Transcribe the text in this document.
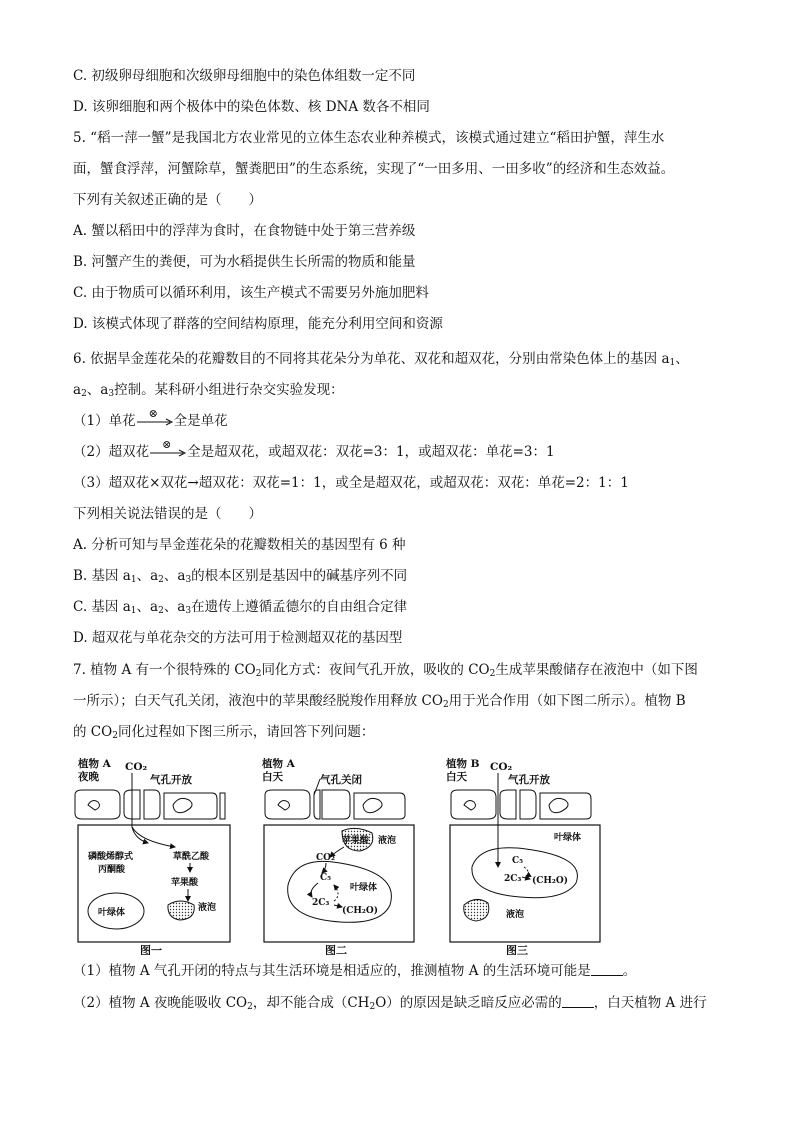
C. 初级卵母细胞和次级卵母细胞中的染色体组数一定不同
D. 该卵细胞和两个极体中的染色体数、核 DNA 数各不相同
5. “稻一萍一蟹”是我国北方农业常见的立体生态农业种养模式，该模式通过建立“稻田护蟹，萍生水
面，蟹食浮萍，河蟹除草，蟹粪肥田”的生态系统，实现了“一田多用、一田多收”的经济和生态效益。
下列有关叙述正确的是（　　）
A. 蟹以稻田中的浮萍为食时，在食物链中处于第三营养级
B. 河蟹产生的粪便，可为水稻提供生长所需的物质和能量
C. 由于物质可以循环利用，该生产模式不需要另外施加肥料
D. 该模式体现了群落的空间结构原理，能充分利用空间和资源
6. 依据旱金莲花朵的花瓣数目的不同将其花朵分为单花、双花和超双花，分别由常染色体上的基因 $a_1$、
$a_2$、$a_3$控制。某科研小组进行杂交实验发现：
（1）单花 ⊗ 全是单花
（2）超双花 ⊗ 全是超双花，或超双花：双花=3：1，或超双花：单花=3：1
（3）超双花×双花→超双花：双花=1：1，或全是超双花，或超双花：双花：单花=2：1：1
下列相关说法错误的是（　　）
A. 分析可知与旱金莲花朵的花瓣数相关的基因型有 6 种
B. 基因 $a_1$、$a_2$、$a_3$的根本区别是基因中的碱基序列不同
C. 基因 $a_1$、$a_2$、$a_3$在遗传上遵循孟德尔的自由组合定律
D. 超双花与单花杂交的方法可用于检测超双花的基因型
7. 植物 A 有一个很特殊的 $CO_2$同化方式：夜间气孔开放，吸收的 $CO_2$生成苹果酸储存在液泡中（如下图
一所示）；白天气孔关闭，液泡中的苹果酸经脱羧作用释放 $CO_2$用于光合作用（如下图二所示）。植物 B
的 $CO_2$同化过程如下图三所示，请回答下列问题：
植物 A
夜晚
CO₂
气孔开放
磷酸烯醇式
丙酮酸
草酰乙酸
苹果酸
叶绿体	液泡
图一
植物 A
白天	气孔关闭
苹果酸 液泡
CO₂
C₅
叶绿体
2C₃
(CH₂O)
图二
植物 B
白天
CO₂
气孔开放
叶绿体
C₅
2C₃ (CH₂O)
液泡
图三
（1）植物 A 气孔开闭的特点与其生活环境是相适应的，推测植物 A 的生活环境可能是 。
（2）植物 A 夜晚能吸收 $CO_2$，却不能合成$(CH_2O)$的原因是缺乏暗反应必需的 ，白天植物 A 进行
